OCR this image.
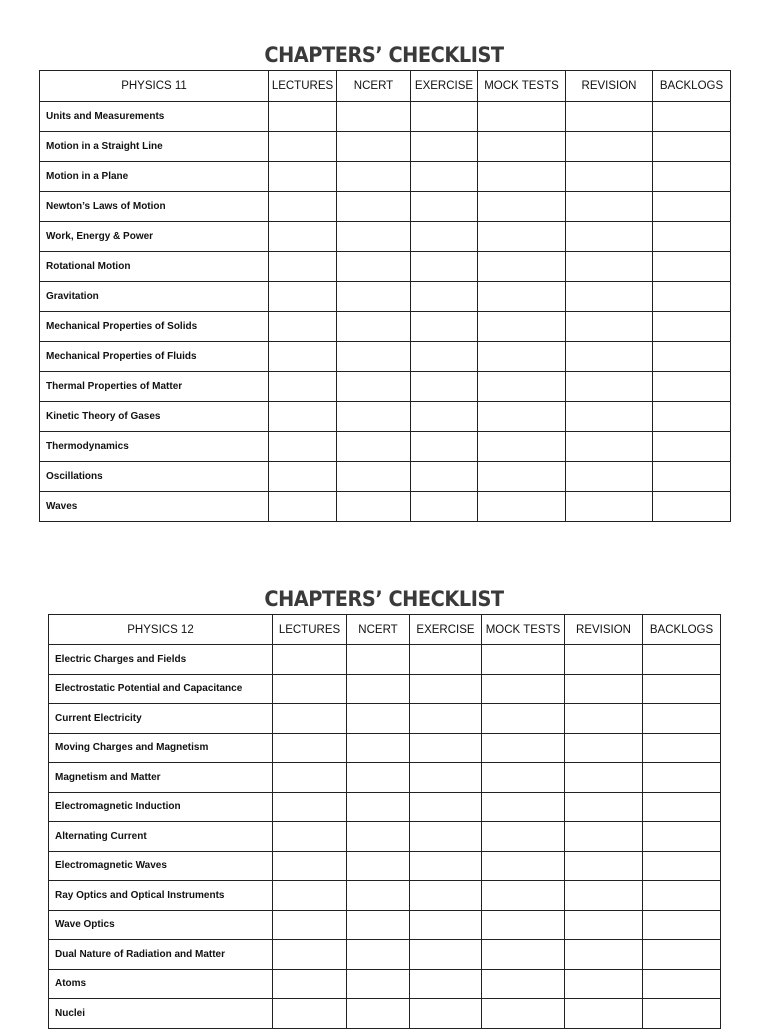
CHAPTERS’ CHECKLIST
PHYSICS 11	LECTURES	NCERT	EXERCISE	MOCK TESTS	REVISION	BACKLOGS
Units and Measurements						
Motion in a Straight Line						
Motion in a Plane						
Newton’s Laws of Motion						
Work, Energy & Power						
Rotational Motion						
Gravitation						
Mechanical Properties of Solids						
Mechanical Properties of Fluids						
Thermal Properties of Matter						
Kinetic Theory of Gases						
Thermodynamics						
Oscillations						
Waves						
CHAPTERS’ CHECKLIST
PHYSICS 12	LECTURES	NCERT	EXERCISE	MOCK TESTS	REVISION	BACKLOGS
Electric Charges and Fields						
Electrostatic Potential and Capacitance						
Current Electricity						
Moving Charges and Magnetism						
Magnetism and Matter						
Electromagnetic Induction						
Alternating Current						
Electromagnetic Waves						
Ray Optics and Optical Instruments						
Wave Optics						
Dual Nature of Radiation and Matter						
Atoms						
Nuclei						
